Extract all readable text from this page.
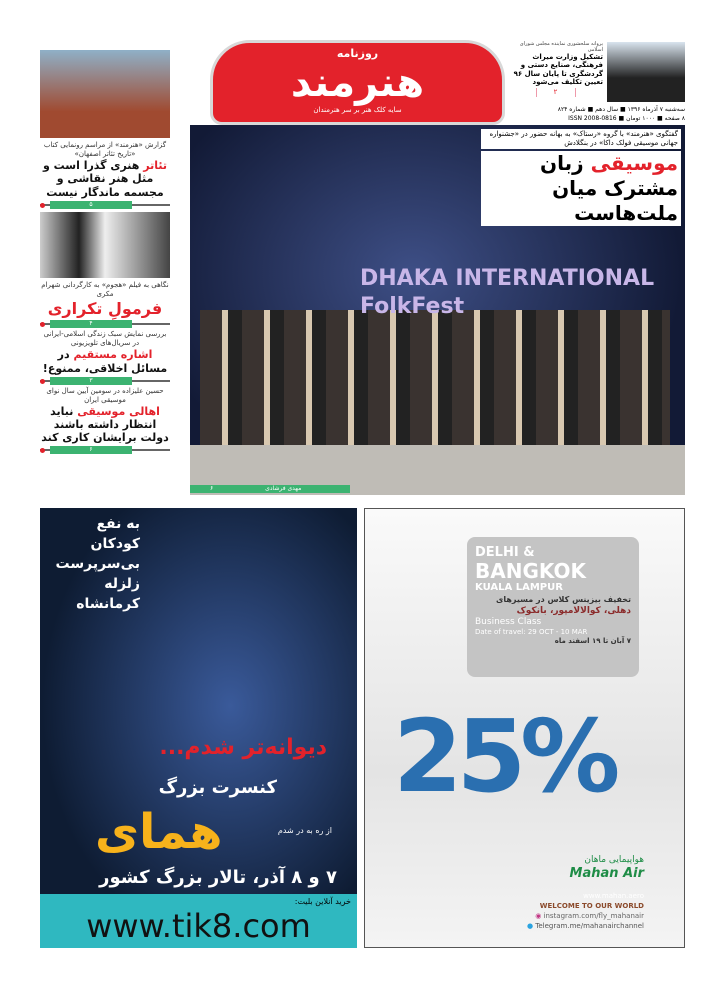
روزنامه
هنرمند
سایه کلک هنر بر سر هنرمندان
پروانه سلحشوری نماینده مجلس شورای اسلامی
تشکیل وزارت میراث فرهنگی، صنایع دستی و گردشگری تا پایان سال ۹۶ تعیین تکلیف می‌شود
۲
سه‌شنبه ۷ آذرماه ۱۳۹۶ ■ سال دهم ■ شماره ۸۲۴
۸ صفحه ■ ۱۰۰۰ تومان ■ ISSN 2008-0816
DHAKA INTERNATIONAL FolkFest
گفتگوی «هنرمند» با گروه «رستاک» به بهانه حضور در «جشنواره جهانی موسیقی فولک داکا» در بنگلادش
موسیقی زبان مشترک میان ملت‌هاست
۶	مهدی فرشادی
گزارش «هنرمند» از مراسم رونمایی کتاب «تاریخ تئاتر اصفهان»
تئاتر هنری گذرا است و مثل هنر نقاشی و مجسمه ماندگار نیست
۵
نگاهی به فیلم «هجوم» به کارگردانی شهرام مکری
فرمولِ تکراری
۴
بررسی نمایش سبک زندگی اسلامی-ایرانی در سریال‌های تلویزیونی
اشاره مستقیم در مسائل اخلاقی، ممنوع!
۳
حسین علیزاده در سومین آیین سال نوای موسیقی ایران
اهالی موسیقی نباید انتظار داشته باشند دولت برایشان کاری کند
۶
به نفع کودکان بی‌سرپرست زلزله کرمانشاه
دیوانه‌تر شدم...
کنسرت بزرگ
همای	از ره به در شدم
۷ و ۸ آذر، تالار بزرگ کشور
خرید آنلاین بلیت:
www.tik8.com
DELHI &
BANGKOK
KUALA LAMPUR
تخفیف بیزینس کلاس در مسیرهای
دهلی، کوالالامپور، بانکوک
Business Class
Date of travel: 29 OCT - 10 MAR
۷ آبان تا ۱۹ اسفند ماه
25%
هواپیمایی ماهان
Mahan Air
www.mahan.aero
WELCOME TO OUR WORLD
◉ instagram.com/fly_mahanair
● Telegram.me/mahanairchannel
